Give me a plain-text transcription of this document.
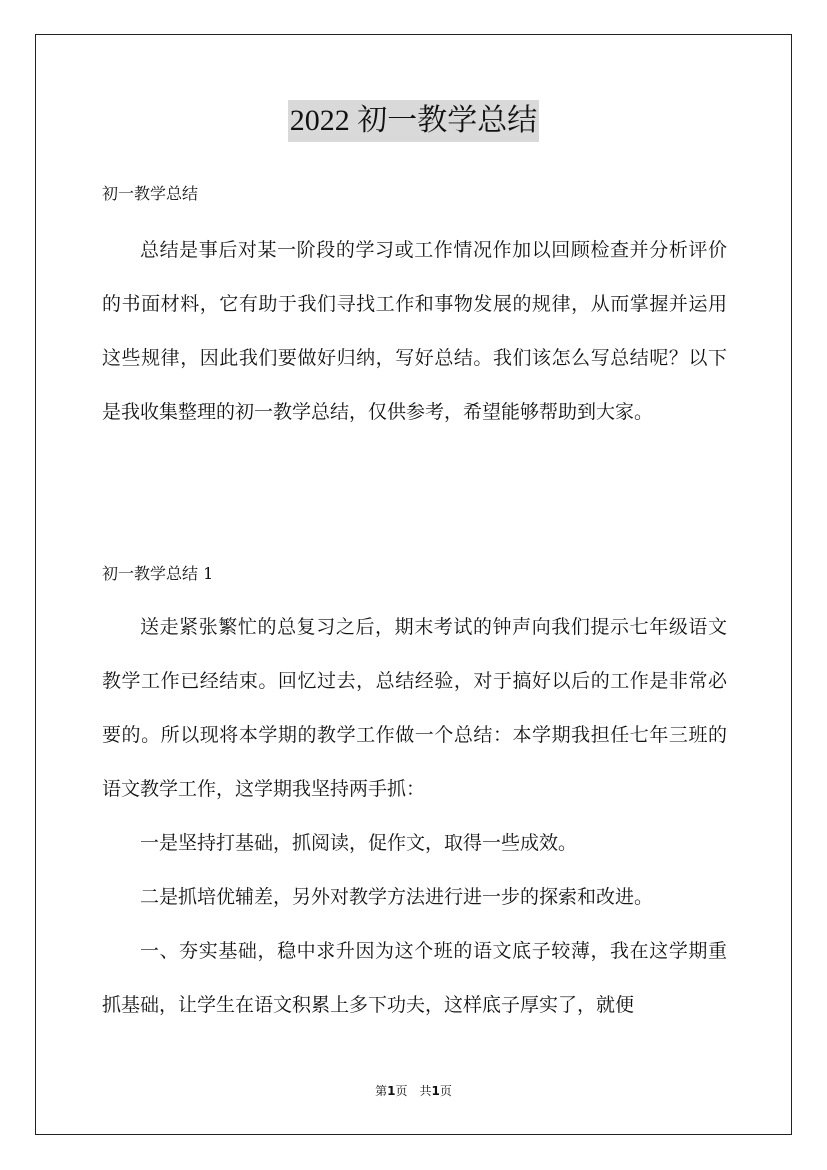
2022 初一教学总结

初一教学总结

总结是事后对某一阶段的学习或工作情况作加以回顾检查并分析评价的书面材料，它有助于我们寻找工作和事物发展的规律，从而掌握并运用这些规律，因此我们要做好归纳，写好总结。我们该怎么写总结呢？以下是我收集整理的初一教学总结，仅供参考，希望能够帮助到大家。

初一教学总结 1

送走紧张繁忙的总复习之后，期末考试的钟声向我们提示七年级语文教学工作已经结束。回忆过去，总结经验，对于搞好以后的工作是非常必要的。所以现将本学期的教学工作做一个总结：本学期我担任七年三班的语文教学工作，这学期我坚持两手抓：

一是坚持打基础，抓阅读，促作文，取得一些成效。

二是抓培优辅差，另外对教学方法进行进一步的探索和改进。

一、夯实基础，稳中求升因为这个班的语文底子较薄，我在这学期重抓基础，让学生在语文积累上多下功夫，这样底子厚实了，就便

第1页 共1页
